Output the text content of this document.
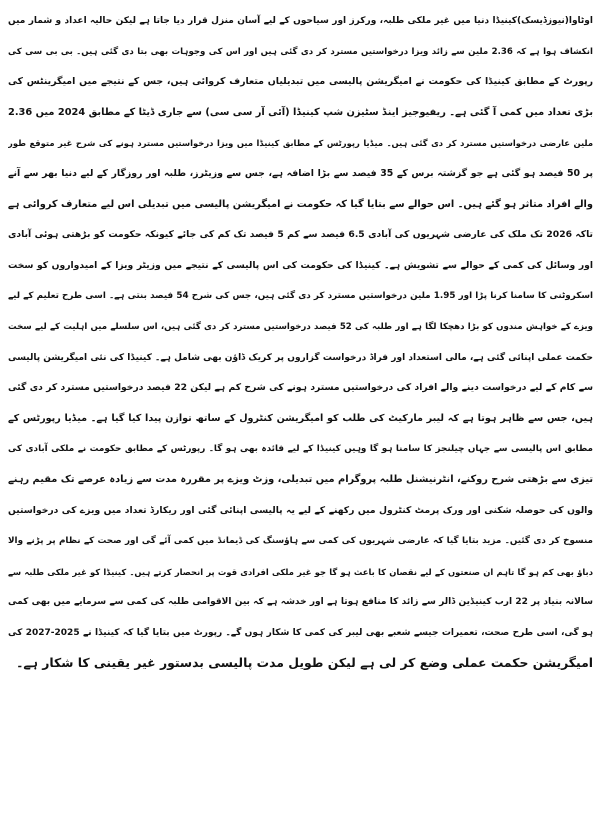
اوٹاوا(نیوزڈیسک)کینیڈا دنیا میں غیر ملکی طلبہ، ورکرز اور سیاحوں کے لیے آسان منزل قرار دیا جاتا ہے لیکن حالیہ اعداد و شمار میں
انکشاف ہوا ہے کہ 2.36 ملین سے زائد ویزا درخواستیں مسترد کر دی گئی ہیں اور اس کی وجوہات بھی بتا دی گئی ہیں۔ بی بی سی کی
رپورٹ کے مطابق کینیڈا کی حکومت نے امیگریشن پالیسی میں تبدیلیاں متعارف کروائی ہیں، جس کے نتیجے میں امیگرینٹس کی
بڑی تعداد میں کمی آ گئی ہے۔ ریفیوجیز اینڈ سٹیزن شپ کینیڈا (آئی آر سی سی) سے جاری ڈیٹا کے مطابق 2024 میں 2.36
ملین عارضی درخواستیں مسترد کر دی گئی ہیں۔ میڈیا رپورٹس کے مطابق کینیڈا میں ویزا درخواستیں مسترد ہونے کی شرح غیر متوقع طور
پر 50 فیصد ہو گئی ہے جو گزشتہ برس کے 35 فیصد سے بڑا اضافہ ہے، جس سے وزیٹرز، طلبہ اور روزگار کے لیے دنیا بھر سے آنے
والے افراد متاثر ہو گئے ہیں۔ اس حوالے سے بتایا گیا کہ حکومت نے امیگریشن پالیسی میں تبدیلی اس لیے متعارف کروائی ہے
تاکہ 2026 تک ملک کی عارضی شہریوں کی آبادی 6.5 فیصد سے کم 5 فیصد تک کم کی جائے کیونکہ حکومت کو بڑھتی ہوئی آبادی
اور وسائل کی کمی کے حوالے سے تشویش ہے۔ کینیڈا کی حکومت کی اس پالیسی کے نتیجے میں وزیٹر ویزا کے امیدواروں کو سخت
اسکروٹنی کا سامنا کرنا پڑا اور 1.95 ملین درخواستیں مسترد کر دی گئی ہیں، جس کی شرح 54 فیصد بنتی ہے۔ اسی طرح تعلیم کے لیے
ویزے کے خواہش مندوں کو بڑا دھچکا لگا ہے اور طلبہ کی 52 فیصد درخواستیں مسترد کر دی گئی ہیں، اس سلسلے میں اہلیت کے لیے سخت
حکمت عملی اپنائی گئی ہے، مالی استعداد اور فراڈ درخواست گزاروں پر کریک ڈاؤن بھی شامل ہے۔ کینیڈا کی نئی امیگریشن پالیسی
سے کام کے لیے درخواست دینے والے افراد کی درخواستیں مسترد ہونے کی شرح کم ہے لیکن 22 فیصد درخواستیں مسترد کر دی گئی
ہیں، جس سے ظاہر ہوتا ہے کہ لیبر مارکیٹ کی طلب کو امیگریشن کنٹرول کے ساتھ توازن پیدا کیا گیا ہے۔ میڈیا رپورٹس کے
مطابق اس پالیسی سے جہاں چیلنجز کا سامنا ہو گا وہیں کینیڈا کے لیے فائدہ بھی ہو گا۔ رپورٹس کے مطابق حکومت نے ملکی آبادی کی
تیزی سے بڑھتی شرح روکنے، انٹرنیشنل طلبہ پروگرام میں تبدیلی، وزٹ ویزے پر مقررہ مدت سے زیادہ عرصے تک مقیم رہنے
والوں کی حوصلہ شکنی اور ورک پرمٹ کنٹرول میں رکھنے کے لیے یہ پالیسی اپنائی گئی اور ریکارڈ تعداد میں ویزے کی درخواستیں
منسوخ کر دی گئیں۔ مزید بتایا گیا کہ عارضی شہریوں کی کمی سے ہاؤسنگ کی ڈیمانڈ میں کمی آئے گی اور صحت کے نظام پر پڑنے والا
دباؤ بھی کم ہو گا تاہم ان صنعتوں کے لیے نقصان کا باعث ہو گا جو غیر ملکی افرادی قوت پر انحصار کرتے ہیں۔ کینیڈا کو غیر ملکی طلبہ سے
سالانہ بنیاد پر 22 ارب کینیڈین ڈالر سے زائد کا منافع ہوتا ہے اور خدشہ ہے کہ بین الاقوامی طلبہ کی کمی سے سرمایے میں بھی کمی
ہو گی، اسی طرح صحت، تعمیرات جیسے شعبے بھی لیبر کی کمی کا شکار ہوں گے۔ رپورٹ میں بتایا گیا کہ کینیڈا نے 2025-2027 کی
امیگریشن حکمت عملی وضع کر لی ہے لیکن طویل مدت پالیسی بدستور غیر یقینی کا شکار ہے۔
